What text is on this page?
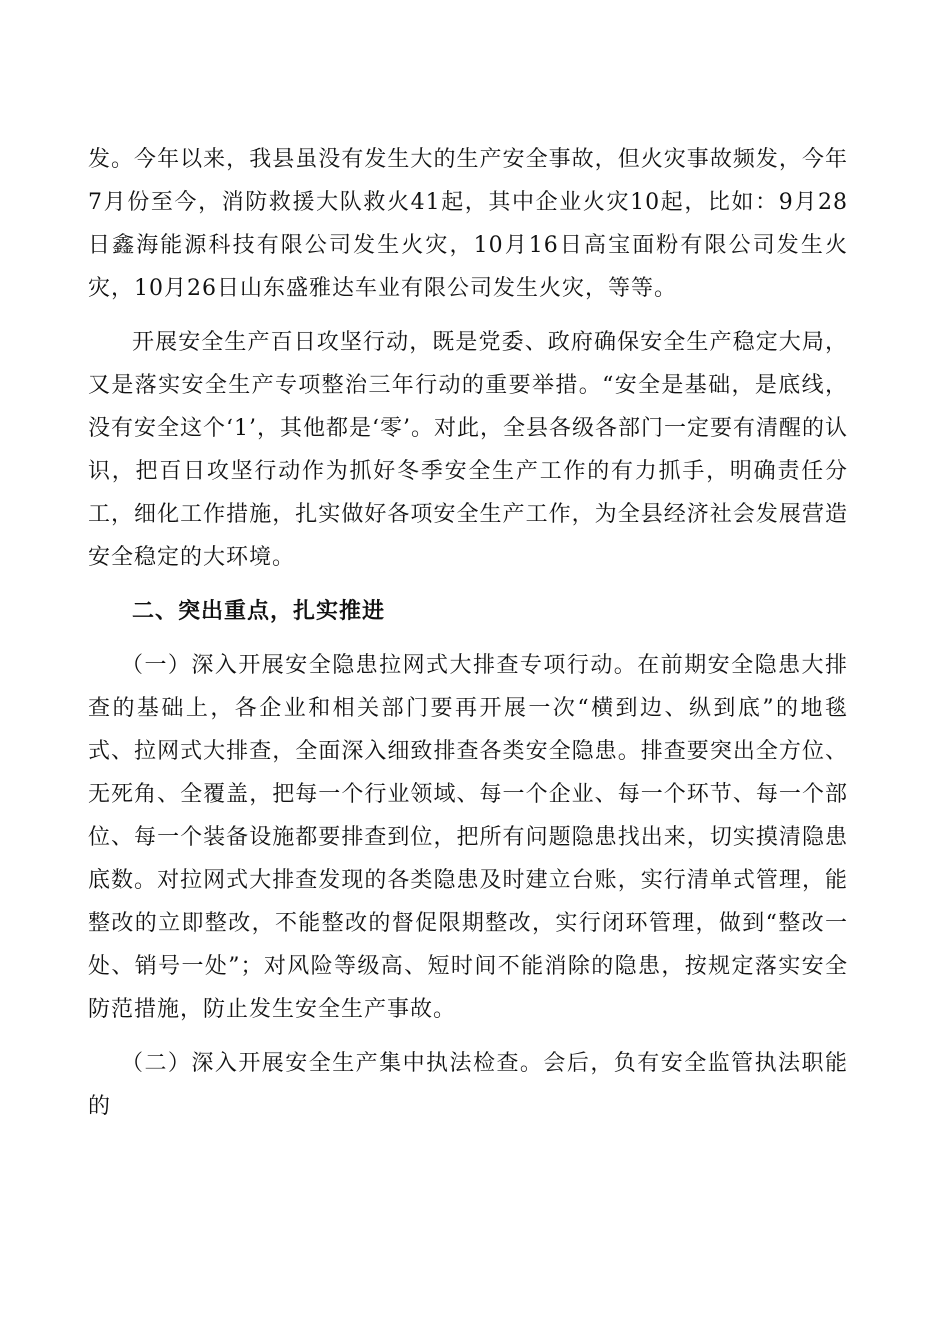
发。今年以来，我县虽没有发生大的生产安全事故，但火灾事故频发，今年7月份至今，消防救援大队救火41起，其中企业火灾10起，比如：9月28日鑫海能源科技有限公司发生火灾，10月16日高宝面粉有限公司发生火灾，10月26日山东盛雅达车业有限公司发生火灾，等等。

开展安全生产百日攻坚行动，既是党委、政府确保安全生产稳定大局，又是落实安全生产专项整治三年行动的重要举措。“安全是基础，是底线，没有安全这个‘1’，其他都是‘零’。对此，全县各级各部门一定要有清醒的认识，把百日攻坚行动作为抓好冬季安全生产工作的有力抓手，明确责任分工，细化工作措施，扎实做好各项安全生产工作，为全县经济社会发展营造安全稳定的大环境。

二、突出重点，扎实推进

（一）深入开展安全隐患拉网式大排查专项行动。在前期安全隐患大排查的基础上，各企业和相关部门要再开展一次“横到边、纵到底”的地毯式、拉网式大排查，全面深入细致排查各类安全隐患。排查要突出全方位、无死角、全覆盖，把每一个行业领域、每一个企业、每一个环节、每一个部位、每一个装备设施都要排查到位，把所有问题隐患找出来，切实摸清隐患底数。对拉网式大排查发现的各类隐患及时建立台账，实行清单式管理，能整改的立即整改，不能整改的督促限期整改，实行闭环管理，做到“整改一处、销号一处”；对风险等级高、短时间不能消除的隐患，按规定落实安全防范措施，防止发生安全生产事故。

（二）深入开展安全生产集中执法检查。会后，负有安全监管执法职能的
